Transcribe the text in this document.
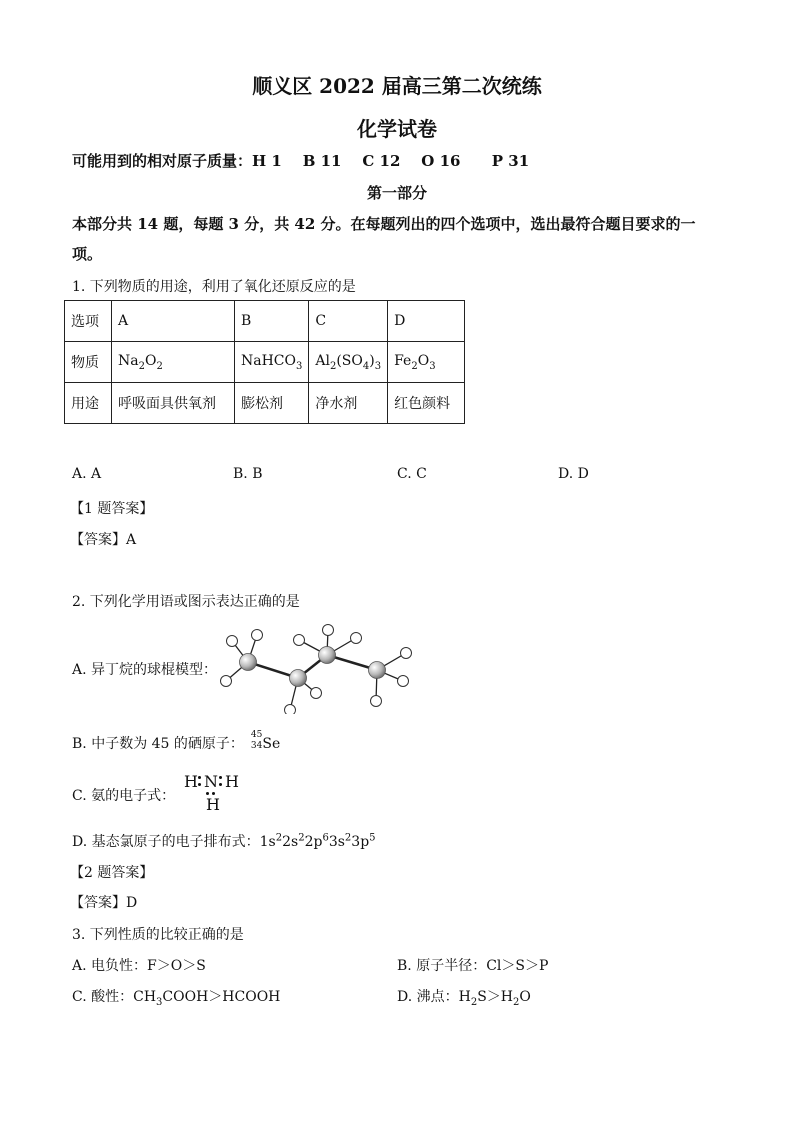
顺义区 2022 届高三第二次统练
化学试卷
可能用到的相对原子质量：H 1    B 11    C 12    O 16      P 31
第一部分
本部分共 14 题，每题 3 分，共 42 分。在每题列出的四个选项中，选出最符合题目要求的一
项。
1. 下列物质的用途，利用了氧化还原反应的是
选项	A	B	C	D
物质	$Na_2O_2$	NaHCO$_3$	$Al_2(SO_4)_3$	$Fe_2O_3$
用途	呼吸面具供氧剂	膨松剂	净水剂	红色颜料
A. A	B. B	C. C	D. D
【1 题答案】
【答案】A
2. 下列化学用语或图示表达正确的是
A. 异丁烷的球棍模型：
B. 中子数为 45 的硒原子：
45
34 Se
C. 氨的电子式：
H N H
H
D. 基态氯原子的电子排布式：$1s^22s^22p^63s^23p^5$
【2 题答案】
【答案】D
3. 下列性质的比较正确的是
A. 电负性：F＞O＞S	B. 原子半径：Cl＞S＞P
C. 酸性：$CH_3COOH>HCOOH$	D. 沸点：$H_2S>H_2O$
